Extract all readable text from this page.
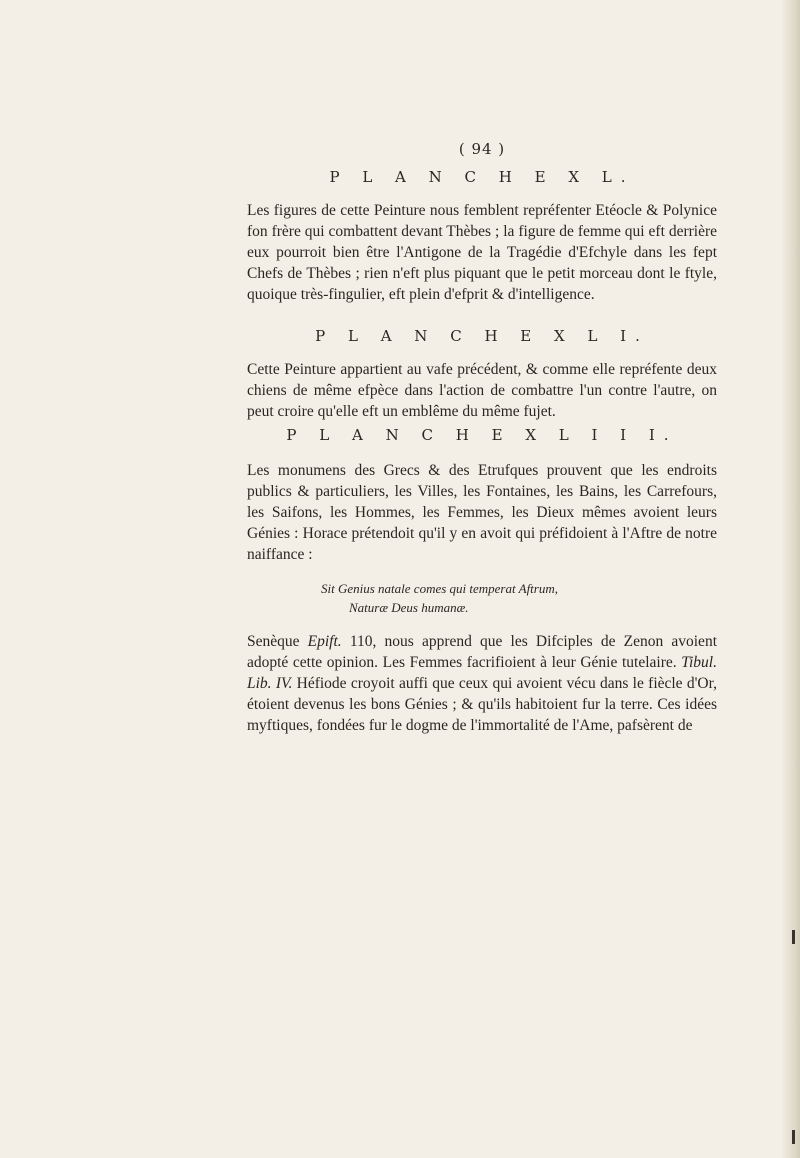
( 94 )
P L A N C H E X L.

Les figures de cette Peinture nous femblent repréfenter Etéocle & Polynice fon frère qui combattent devant Thèbes ; la figure de femme qui eft derrière eux pourroit bien être l'Antigone de la Tragédie d'Efchyle dans les fept Chefs de Thèbes ; rien n'eft plus piquant que le petit morceau dont le ftyle, quoique très-fingulier, eft plein d'efprit & d'intelligence.

P L A N C H E X L I.

Cette Peinture appartient au vafe précédent, & comme elle repréfente deux chiens de même efpèce dans l'action de combattre l'un contre l'autre, on peut croire qu'elle eft un emblême du même fujet.

P L A N C H E X L I I I.

Les monumens des Grecs & des Etrufques prouvent que les endroits publics & particuliers, les Villes, les Fontaines, les Bains, les Carrefours, les Saifons, les Hommes, les Femmes, les Dieux mêmes avoient leurs Génies : Horace prétendoit qu'il y en avoit qui préfidoient à l'Aftre de notre naiffance :

Sit Genius natale comes qui temperat Aftrum,
Naturæ Deus humanæ.

Senèque Epift. 110, nous apprend que les Difciples de Zenon avoient adopté cette opinion. Les Femmes facrifioient à leur Génie tutelaire. Tibul. Lib. IV. Héfiode croyoit auffi que ceux qui avoient vécu dans le fiècle d'Or, étoient devenus les bons Génies ; & qu'ils habitoient fur la terre. Ces idées myftiques, fondées fur le dogme de l'immortalité de l'Ame, pafsèrent de
